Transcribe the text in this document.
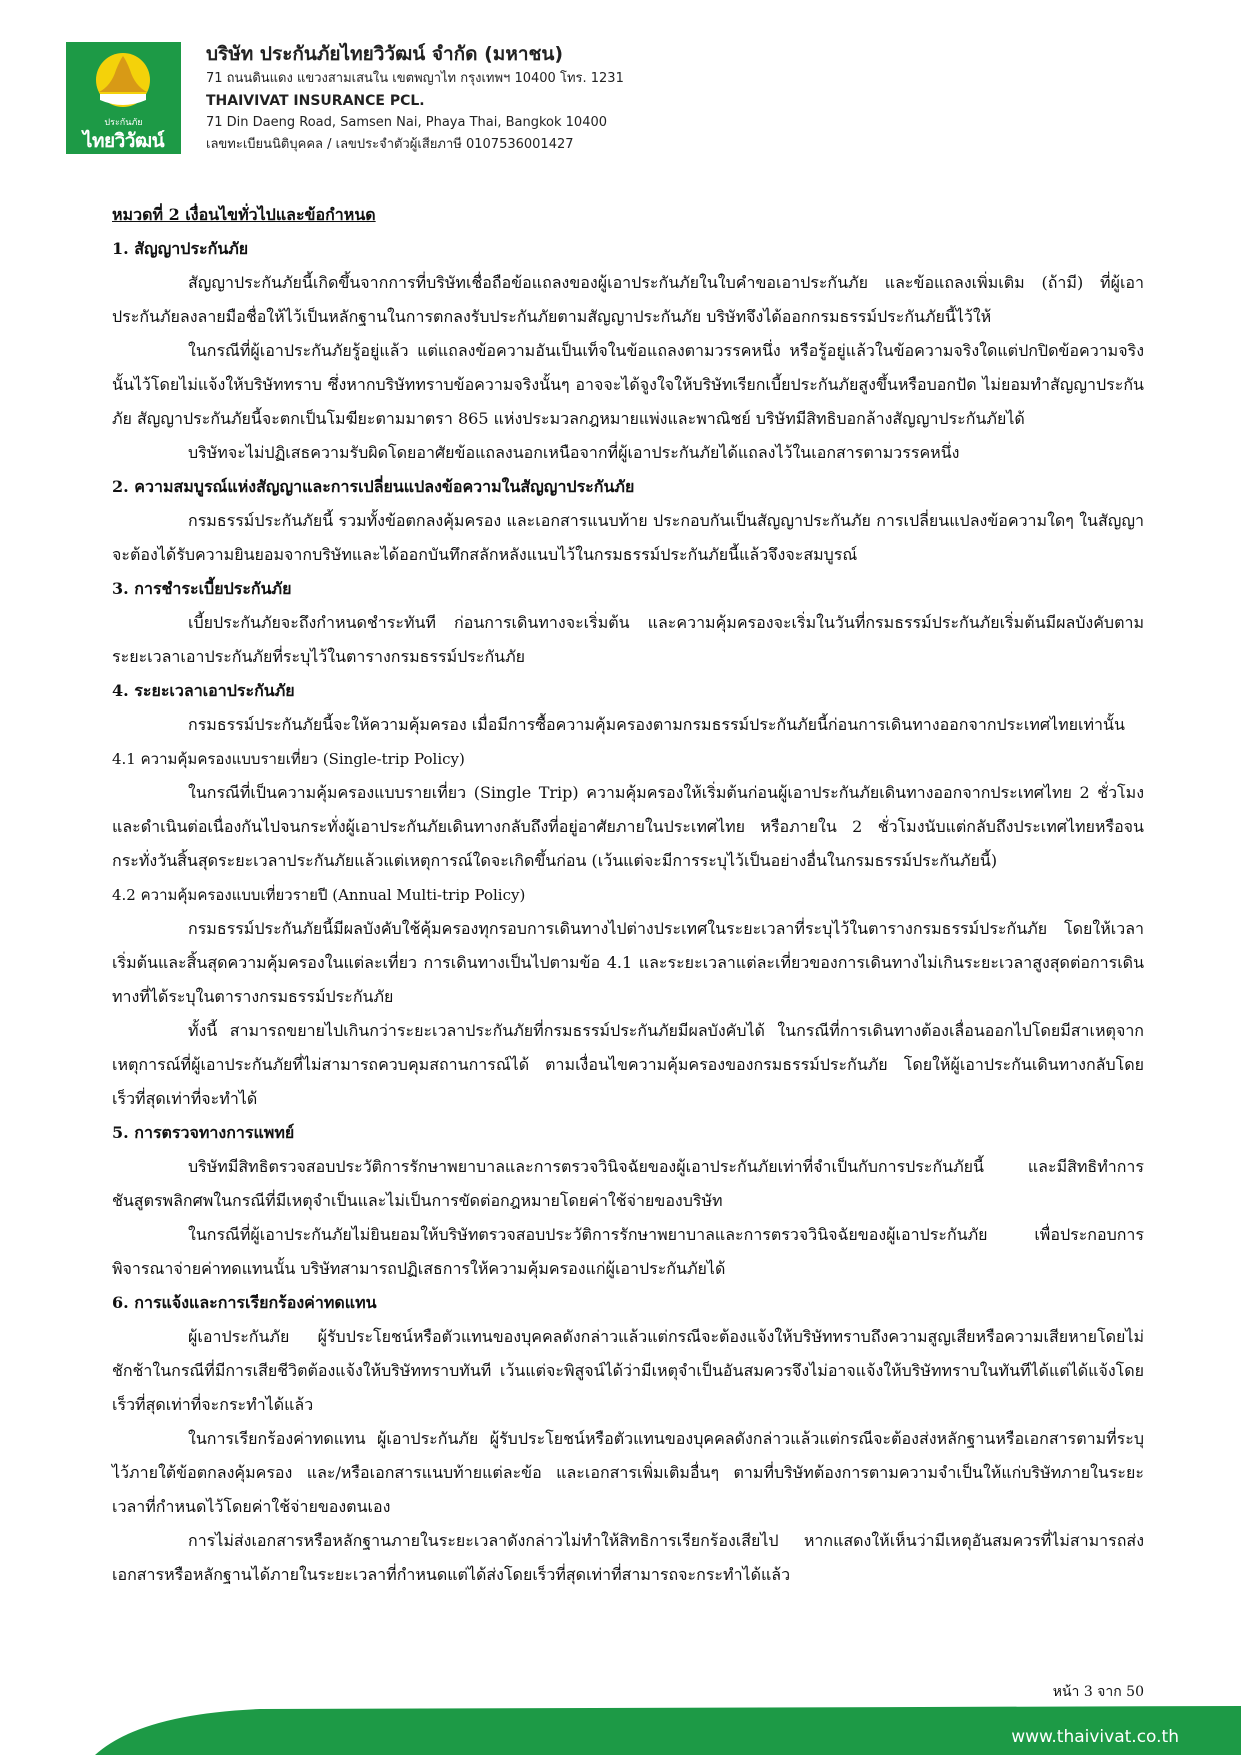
ประกันภัย
ไทยวิวัฒน์
บริษัท ประกันภัยไทยวิวัฒน์ จำกัด (มหาชน)
71 ถนนดินแดง แขวงสามเสนใน เขตพญาไท กรุงเทพฯ 10400 โทร. 1231
THAIVIVAT INSURANCE PCL.
71 Din Daeng Road, Samsen Nai, Phaya Thai, Bangkok 10400
เลขทะเบียนนิติบุคคล / เลขประจำตัวผู้เสียภาษี 0107536001427
หมวดที่ 2 เงื่อนไขทั่วไปและข้อกำหนด
1. สัญญาประกันภัย

สัญญาประกันภัยนี้เกิดขึ้นจากการที่บริษัทเชื่อถือข้อแถลงของผู้เอาประกันภัยในใบคำขอเอาประกันภัย และข้อแถลงเพิ่มเติม (ถ้ามี) ที่ผู้เอาประกันภัยลงลายมือชื่อให้ไว้เป็นหลักฐานในการตกลงรับประกันภัยตามสัญญาประกันภัย บริษัทจึงได้ออกกรมธรรม์ประกันภัยนี้ไว้ให้

ในกรณีที่ผู้เอาประกันภัยรู้อยู่แล้ว แต่แถลงข้อความอันเป็นเท็จในข้อแถลงตามวรรคหนึ่ง หรือรู้อยู่แล้วในข้อความจริงใดแต่ปกปิดข้อความจริงนั้นไว้โดยไม่แจ้งให้บริษัททราบ ซึ่งหากบริษัททราบข้อความจริงนั้นๆ อาจจะได้จูงใจให้บริษัทเรียกเบี้ยประกันภัยสูงขึ้นหรือบอกปัด ไม่ยอมทำสัญญาประกันภัย สัญญาประกันภัยนี้จะตกเป็นโมฆียะตามมาตรา 865 แห่งประมวลกฎหมายแพ่งและพาณิชย์ บริษัทมีสิทธิบอกล้างสัญญาประกันภัยได้

บริษัทจะไม่ปฏิเสธความรับผิดโดยอาศัยข้อแถลงนอกเหนือจากที่ผู้เอาประกันภัยได้แถลงไว้ในเอกสารตามวรรคหนึ่ง

2. ความสมบูรณ์แห่งสัญญาและการเปลี่ยนแปลงข้อความในสัญญาประกันภัย

กรมธรรม์ประกันภัยนี้ รวมทั้งข้อตกลงคุ้มครอง และเอกสารแนบท้าย ประกอบกันเป็นสัญญาประกันภัย การเปลี่ยนแปลงข้อความใดๆ ในสัญญาจะต้องได้รับความยินยอมจากบริษัทและได้ออกบันทึกสลักหลังแนบไว้ในกรมธรรม์ประกันภัยนี้แล้วจึงจะสมบูรณ์

3. การชำระเบี้ยประกันภัย

เบี้ยประกันภัยจะถึงกำหนดชำระทันที ก่อนการเดินทางจะเริ่มต้น และความคุ้มครองจะเริ่มในวันที่กรมธรรม์ประกันภัยเริ่มต้นมีผลบังคับตามระยะเวลาเอาประกันภัยที่ระบุไว้ในตารางกรมธรรม์ประกันภัย

4. ระยะเวลาเอาประกันภัย

กรมธรรม์ประกันภัยนี้จะให้ความคุ้มครอง เมื่อมีการซื้อความคุ้มครองตามกรมธรรม์ประกันภัยนี้ก่อนการเดินทางออกจากประเทศไทยเท่านั้น

4.1 ความคุ้มครองแบบรายเที่ยว (Single-trip Policy)

ในกรณีที่เป็นความคุ้มครองแบบรายเที่ยว (Single Trip) ความคุ้มครองให้เริ่มต้นก่อนผู้เอาประกันภัยเดินทางออกจากประเทศไทย 2 ชั่วโมงและดำเนินต่อเนื่องกันไปจนกระทั่งผู้เอาประกันภัยเดินทางกลับถึงที่อยู่อาศัยภายในประเทศไทย หรือภายใน 2 ชั่วโมงนับแต่กลับถึงประเทศไทยหรือจนกระทั่งวันสิ้นสุดระยะเวลาประกันภัยแล้วแต่เหตุการณ์ใดจะเกิดขึ้นก่อน (เว้นแต่จะมีการระบุไว้เป็นอย่างอื่นในกรมธรรม์ประกันภัยนี้)

4.2 ความคุ้มครองแบบเที่ยวรายปี (Annual Multi-trip Policy)

กรมธรรม์ประกันภัยนี้มีผลบังคับใช้คุ้มครองทุกรอบการเดินทางไปต่างประเทศในระยะเวลาที่ระบุไว้ในตารางกรมธรรม์ประกันภัย โดยให้เวลาเริ่มต้นและสิ้นสุดความคุ้มครองในแต่ละเที่ยว การเดินทางเป็นไปตามข้อ 4.1 และระยะเวลาแต่ละเที่ยวของการเดินทางไม่เกินระยะเวลาสูงสุดต่อการเดินทางที่ได้ระบุในตารางกรมธรรม์ประกันภัย

ทั้งนี้ สามารถขยายไปเกินกว่าระยะเวลาประกันภัยที่กรมธรรม์ประกันภัยมีผลบังคับได้ ในกรณีที่การเดินทางต้องเลื่อนออกไปโดยมีสาเหตุจากเหตุการณ์ที่ผู้เอาประกันภัยที่ไม่สามารถควบคุมสถานการณ์ได้ ตามเงื่อนไขความคุ้มครองของกรมธรรม์ประกันภัย โดยให้ผู้เอาประกันเดินทางกลับโดยเร็วที่สุดเท่าที่จะทำได้

5. การตรวจทางการแพทย์

บริษัทมีสิทธิตรวจสอบประวัติการรักษาพยาบาลและการตรวจวินิจฉัยของผู้เอาประกันภัยเท่าที่จำเป็นกับการประกันภัยนี้ และมีสิทธิทำการชันสูตรพลิกศพในกรณีที่มีเหตุจำเป็นและไม่เป็นการขัดต่อกฎหมายโดยค่าใช้จ่ายของบริษัท

ในกรณีที่ผู้เอาประกันภัยไม่ยินยอมให้บริษัทตรวจสอบประวัติการรักษาพยาบาลและการตรวจวินิจฉัยของผู้เอาประกันภัย เพื่อประกอบการพิจารณาจ่ายค่าทดแทนนั้น บริษัทสามารถปฏิเสธการให้ความคุ้มครองแก่ผู้เอาประกันภัยได้

6. การแจ้งและการเรียกร้องค่าทดแทน

ผู้เอาประกันภัย ผู้รับประโยชน์หรือตัวแทนของบุคคลดังกล่าวแล้วแต่กรณีจะต้องแจ้งให้บริษัททราบถึงความสูญเสียหรือความเสียหายโดยไม่ชักช้าในกรณีที่มีการเสียชีวิตต้องแจ้งให้บริษัททราบทันที เว้นแต่จะพิสูจน์ได้ว่ามีเหตุจำเป็นอันสมควรจึงไม่อาจแจ้งให้บริษัททราบในทันทีได้แต่ได้แจ้งโดยเร็วที่สุดเท่าที่จะกระทำได้แล้ว

ในการเรียกร้องค่าทดแทน ผู้เอาประกันภัย ผู้รับประโยชน์หรือตัวแทนของบุคคลดังกล่าวแล้วแต่กรณีจะต้องส่งหลักฐานหรือเอกสารตามที่ระบุไว้ภายใต้ข้อตกลงคุ้มครอง และ/หรือเอกสารแนบท้ายแต่ละข้อ และเอกสารเพิ่มเติมอื่นๆ ตามที่บริษัทต้องการตามความจำเป็นให้แก่บริษัทภายในระยะเวลาที่กำหนดไว้โดยค่าใช้จ่ายของตนเอง

การไม่ส่งเอกสารหรือหลักฐานภายในระยะเวลาดังกล่าวไม่ทำให้สิทธิการเรียกร้องเสียไป หากแสดงให้เห็นว่ามีเหตุอันสมควรที่ไม่สามารถส่งเอกสารหรือหลักฐานได้ภายในระยะเวลาที่กำหนดแต่ได้ส่งโดยเร็วที่สุดเท่าที่สามารถจะกระทำได้แล้ว

หน้า 3 จาก 50
www.thaivivat.co.th
